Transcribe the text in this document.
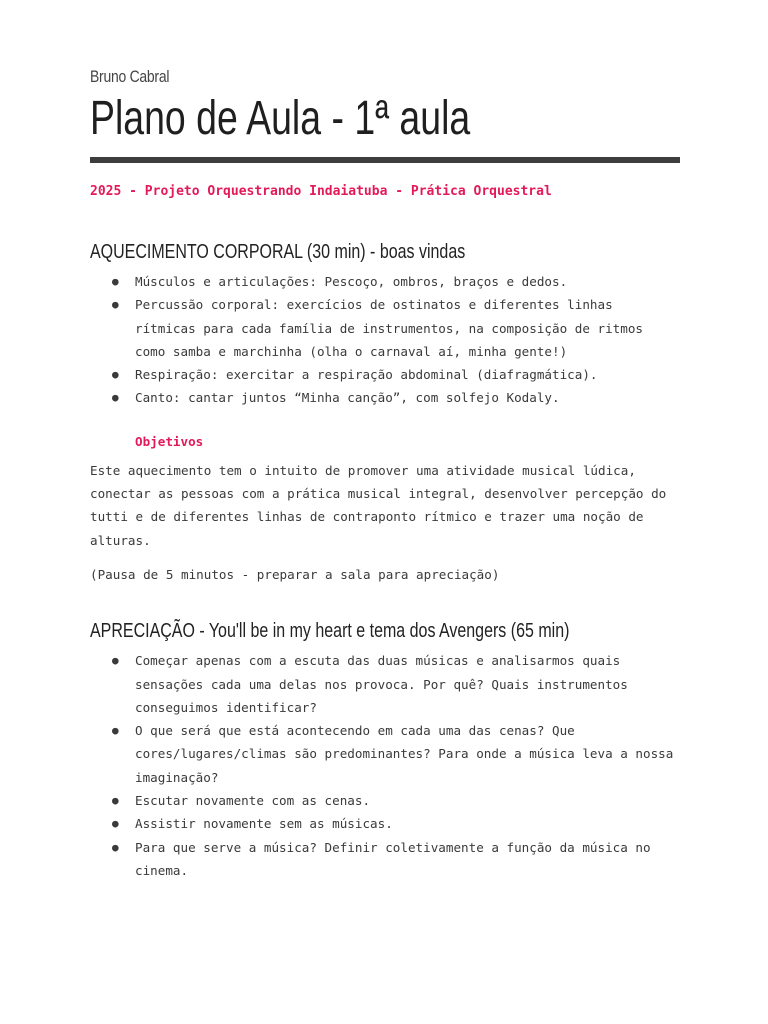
Bruno Cabral
Plano de Aula - 1ª aula
2025 - Projeto Orquestrando Indaiatuba - Prática Orquestral
AQUECIMENTO CORPORAL (30 min) - boas vindas
● Músculos e articulações: Pescoço, ombros, braços e dedos.
● Percussão corporal: exercícios de ostinatos e diferentes linhas rítmicas para cada família de instrumentos, na composição de ritmos como samba e marchinha (olha o carnaval aí, minha gente!)
● Respiração: exercitar a respiração abdominal (diafragmática).
● Canto: cantar juntos “Minha canção”, com solfejo Kodaly.
Objetivos

Este aquecimento tem o intuito de promover uma atividade musical lúdica, conectar as pessoas com a prática musical integral, desenvolver percepção do tutti e de diferentes linhas de contraponto rítmico e trazer uma noção de alturas.

(Pausa de 5 minutos - preparar a sala para apreciação)

APRECIAÇÃO - You'll be in my heart e tema dos Avengers (65 min)
● Começar apenas com a escuta das duas músicas e analisarmos quais sensações cada uma delas nos provoca. Por quê? Quais instrumentos conseguimos identificar?
● O que será que está acontecendo em cada uma das cenas? Que cores/lugares/climas são predominantes? Para onde a música leva a nossa imaginação?
● Escutar novamente com as cenas.
● Assistir novamente sem as músicas.
● Para que serve a música? Definir coletivamente a função da música no cinema.
